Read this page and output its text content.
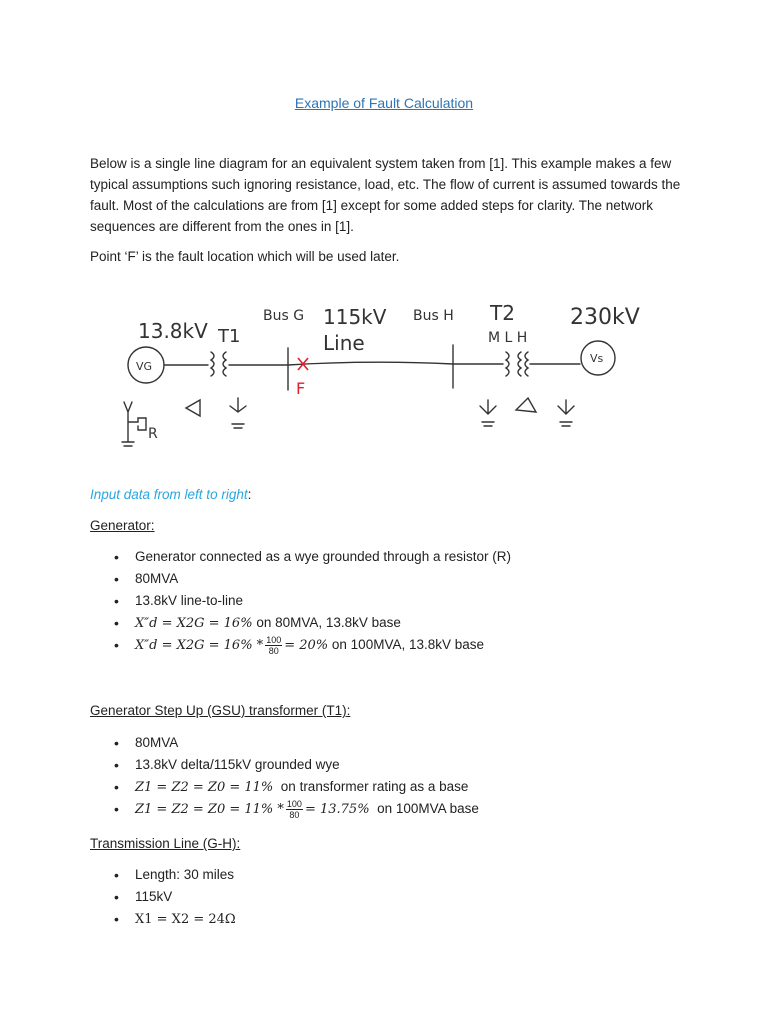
Example of Fault Calculation
Below is a single line diagram for an equivalent system taken from [1]. This example makes a few typical assumptions such ignoring resistance, load, etc. The flow of current is assumed towards the fault. Most of the calculations are from [1] except for some added steps for clarity. The network sequences are different from the ones in [1].
Point ‘F’ is the fault location which will be used later.
13.8kV T1
Bus G 115kV
Line
Bus H T2
M L H
230kV
Vs
VG
R
F
Input data from left to right:
Generator:
• Generator connected as a wye grounded through a resistor (R)
• 80MVA
• 13.8kV line-to-line
• X″d = X2G = 16% on 80MVA, 13.8kV base
• $X''d = X2G = 16\% * \frac{100}{80} = 20\%$ on 100MVA, 13.8kV base
Generator Step Up (GSU) transformer (T1):
• 80MVA
• 13.8kV delta/115kV grounded wye
• Z1 = Z2 = Z0 = 11% on transformer rating as a base
• $Z1 = Z2 = Z0 = 11\% * \frac{100}{80} = 13.75\%$ on 100MVA base
Transmission Line (G-H):
• Length: 30 miles
• 115kV
• X1 = X2 = 24Ω
